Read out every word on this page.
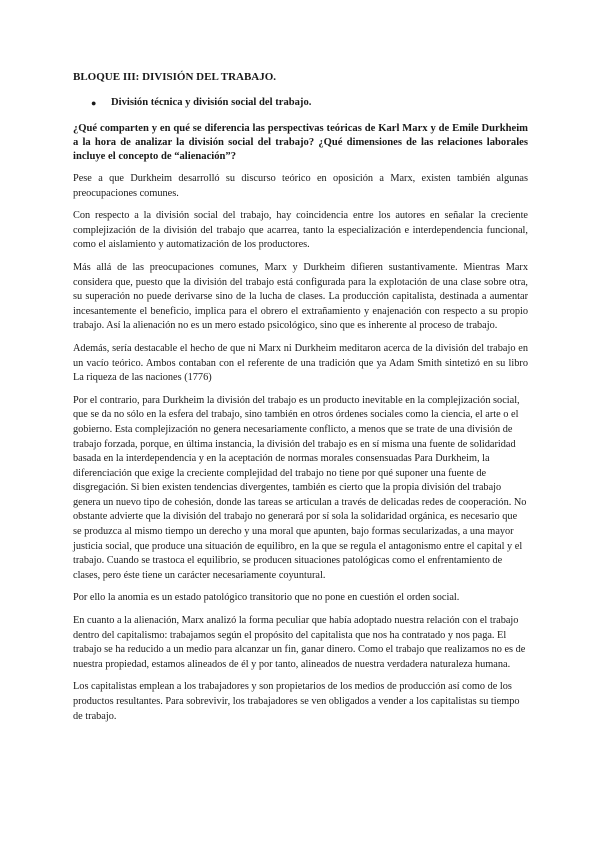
BLOQUE III: DIVISIÓN DEL TRABAJO.
●	División técnica y división social del trabajo.
¿Qué comparten y en qué se diferencia las perspectivas teóricas de Karl Marx y de Emile Durkheim a la hora de analizar la división social del trabajo? ¿Qué dimensiones de las relaciones laborales incluye el concepto de “alienación”?

Pese a que Durkheim desarrolló su discurso teórico en oposición a Marx, existen también algunas preocupaciones comunes.

Con respecto a la división social del trabajo, hay coincidencia entre los autores en señalar la creciente complejización de la división del trabajo que acarrea, tanto la especialización e interdependencia funcional, como el aislamiento y automatización de los productores.

Más allá de las preocupaciones comunes, Marx y Durkheim difieren sustantivamente. Mientras Marx considera que, puesto que la división del trabajo está configurada para la explotación de una clase sobre otra, su superación no puede derivarse sino de la lucha de clases. La producción capitalista, destinada a aumentar incesantemente el beneficio, implica para el obrero el extrañamiento y enajenación con respecto a su propio trabajo. Así la alienación no es un mero estado psicológico, sino que es inherente al proceso de trabajo.

Además, sería destacable el hecho de que ni Marx ni Durkheim meditaron acerca de la división del trabajo en un vacío teórico. Ambos contaban con el referente de una tradición que ya Adam Smith sintetizó en su libro La riqueza de las naciones (1776)

Por el contrario, para Durkheim la división del trabajo es un producto inevitable en la complejización social, que se da no sólo en la esfera del trabajo, sino también en otros órdenes sociales como la ciencia, el arte o el gobierno. Esta complejización no genera necesariamente conflicto, a menos que se trate de una división de trabajo forzada, porque, en última instancia, la división del trabajo es en sí misma una fuente de solidaridad basada en la interdependencia y en la aceptación de normas morales consensuadas Para Durkheim, la diferenciación que exige la creciente complejidad del trabajo no tiene por qué suponer una fuente de disgregación. Si bien existen tendencias divergentes, también es cierto que la propia división del trabajo genera un nuevo tipo de cohesión, donde las tareas se articulan a través de delicadas redes de cooperación. No obstante advierte que la división del trabajo no generará por sí sola la solidaridad orgánica, es necesario que se produzca al mismo tiempo un derecho y una moral que apunten, bajo formas secularizadas, a una mayor justicia social, que produce una situación de equilibro, en la que se regula el antagonismo entre el capital y el trabajo. Cuando se trastoca el equilibrio, se producen situaciones patológicas como el enfrentamiento de clases, pero éste tiene un carácter necesariamente coyuntural.

Por ello la anomia es un estado patológico transitorio que no pone en cuestión el orden social.

En cuanto a la alienación, Marx analizó la forma peculiar que había adoptado nuestra relación con el trabajo dentro del capitalismo: trabajamos según el propósito del capitalista que nos ha contratado y nos paga. El trabajo se ha reducido a un medio para alcanzar un fin, ganar dinero. Como el trabajo que realizamos no es de nuestra propiedad, estamos alineados de él y por tanto, alineados de nuestra verdadera naturaleza humana.

Los capitalistas emplean a los trabajadores y son propietarios de los medios de producción así como de los productos resultantes. Para sobrevivir, los trabajadores se ven obligados a vender a los capitalistas su tiempo de trabajo.
